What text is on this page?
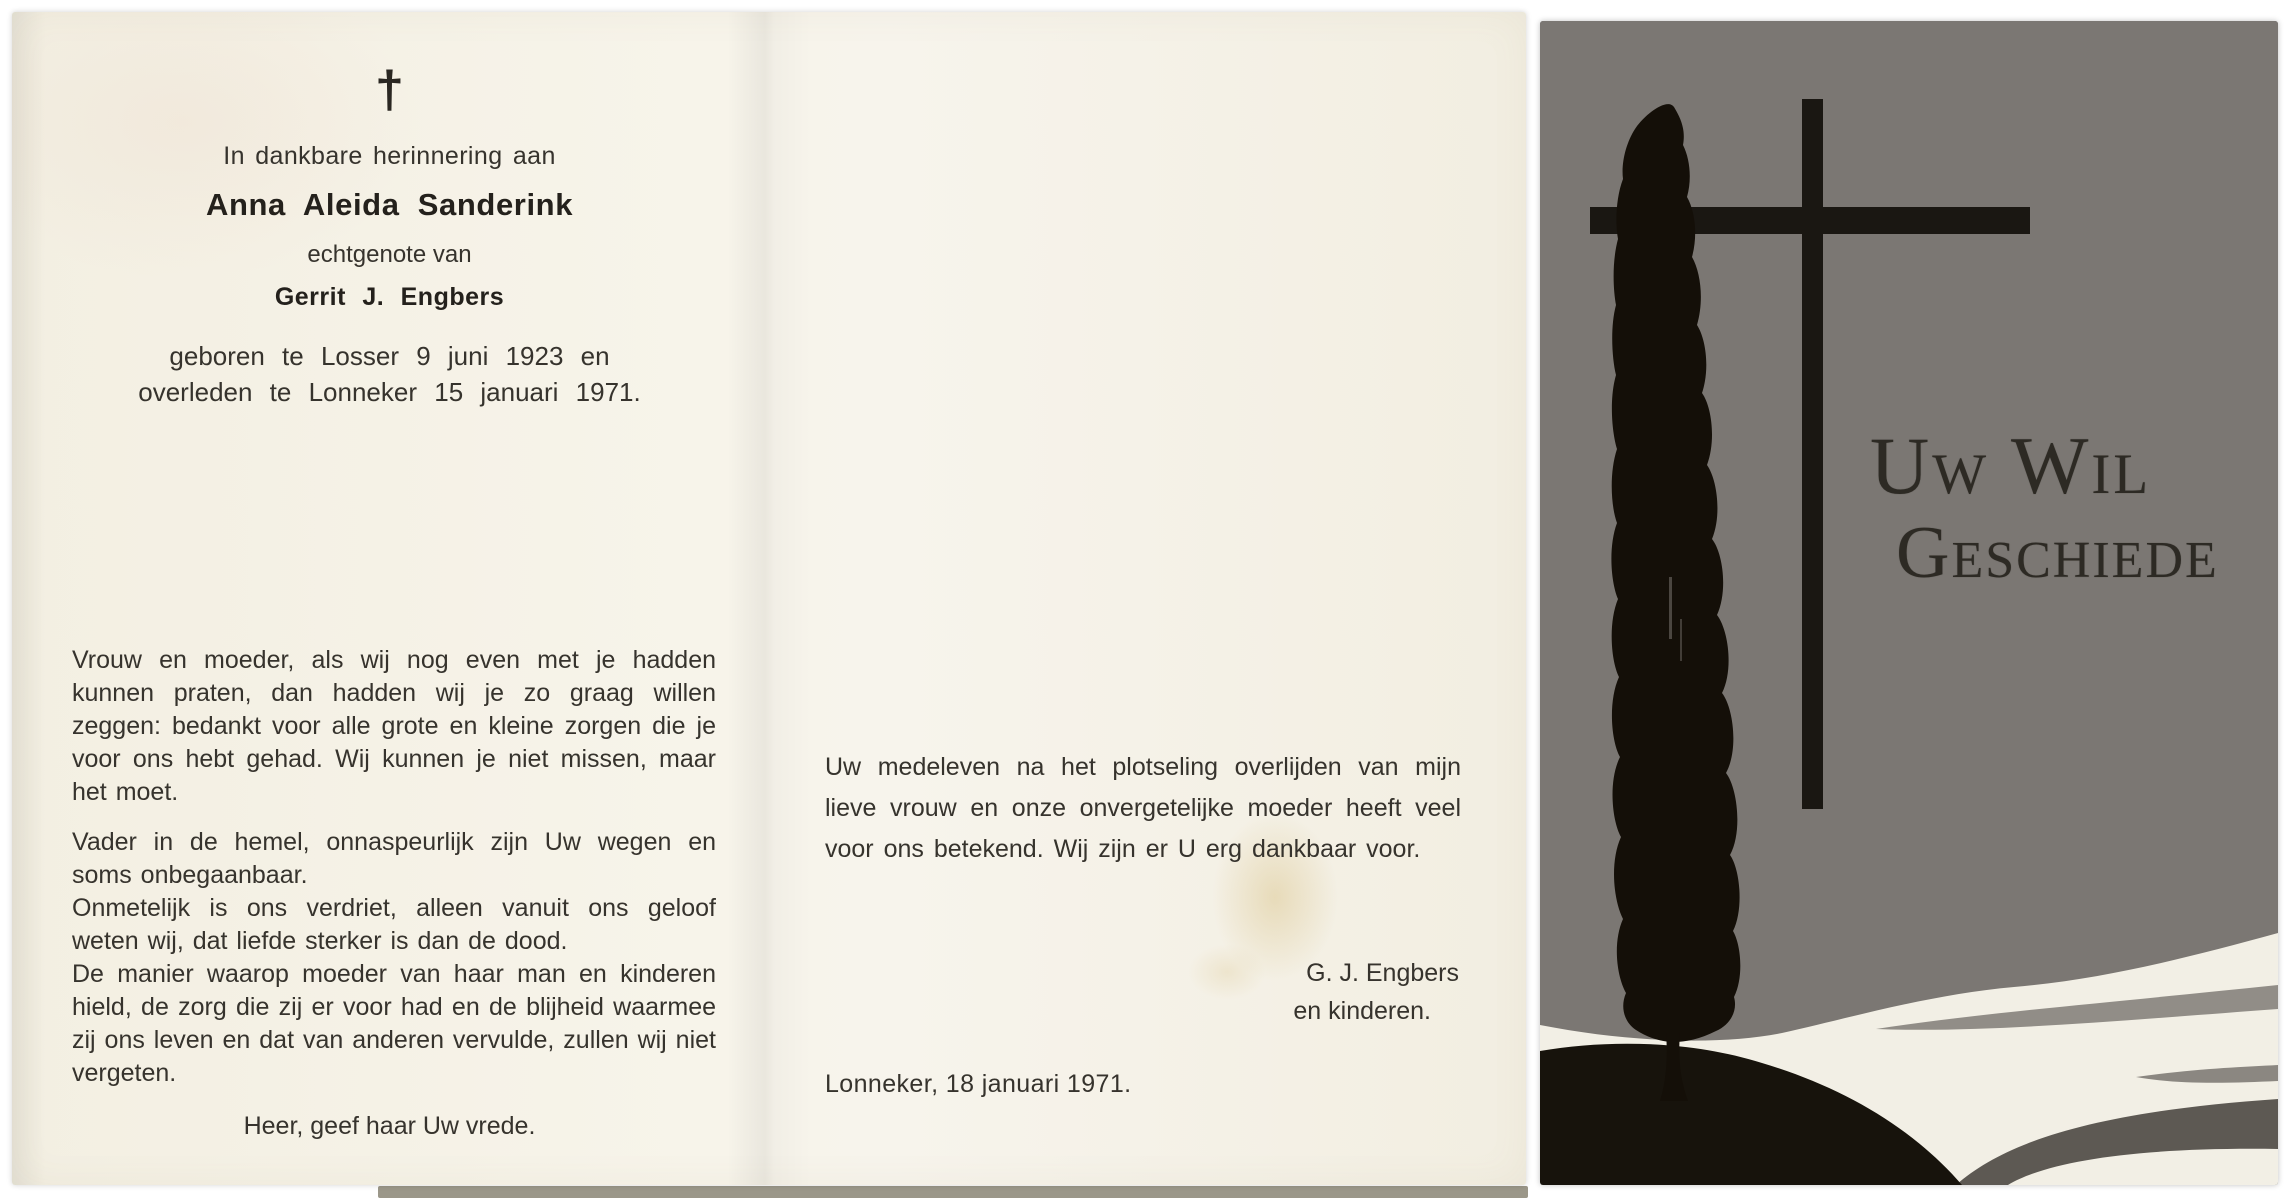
†

In dankbare herinnering aan

Anna Aleida Sanderink

echtgenote van

Gerrit J. Engbers
geboren te Losser 9 juni 1923 en
overleden te Lonneker 15 januari 1971.

Vrouw en moeder, als wij nog even met je hadden kunnen praten, dan hadden wij je zo graag willen zeggen: bedankt voor alle grote en kleine zorgen die je voor ons hebt gehad. Wij kunnen je niet missen, maar het moet.

Vader in de hemel, onnaspeurlijk zijn Uw wegen en soms onbegaanbaar.

Onmetelijk is ons verdriet, alleen vanuit ons geloof weten wij, dat liefde sterker is dan de dood.

De manier waarop moeder van haar man en kinderen hield, de zorg die zij er voor had en de blijheid waarmee zij ons leven en dat van anderen vervulde, zullen wij niet vergeten.

Heer, geef haar Uw vrede.

Uw medeleven na het plotseling overlijden van mijn lieve vrouw en onze onvergetelijke moeder heeft veel voor ons betekend. Wij zijn er U erg dankbaar voor.

G. J. Engbers

en kinderen.

Lonneker, 18 januari 1971.

Uw Wil
Geschiede
